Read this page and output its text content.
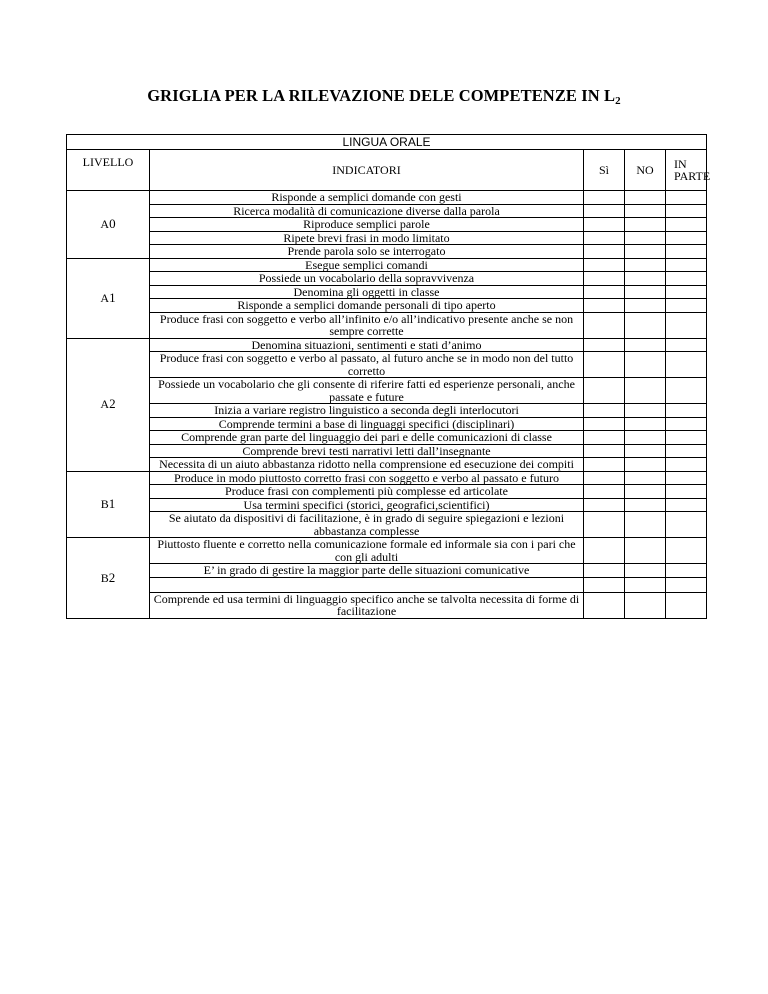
GRIGLIA PER LA RILEVAZIONE DELE COMPETENZE IN $L_2$
LINGUA ORALE				
LIVELLO	INDICATORI	Sì	NO	IN
PARTE
A0	Risponde a semplici domande con gesti			
	Ricerca modalità di comunicazione diverse dalla parola			
	Riproduce semplici parole			
	Ripete brevi frasi in modo limitato			
	Prende parola solo se interrogato			
A1	Esegue semplici comandi			
	Possiede un vocabolario della sopravvivenza			
	Denomina gli oggetti in classe			
	Risponde a semplici domande personali di tipo aperto			
	Produce frasi con soggetto e verbo all’infinito e/o all’indicativo presente anche se non sempre corrette			
A2	Denomina situazioni, sentimenti e stati d’animo			
	Produce frasi con soggetto e verbo al passato, al futuro anche se in modo non del tutto corretto			
	Possiede un vocabolario che gli consente di riferire fatti ed esperienze personali, anche passate e future			
	Inizia a variare registro linguistico a seconda degli interlocutori			
	Comprende termini a base di linguaggi specifici (disciplinari)			
	Comprende gran parte del linguaggio dei pari e delle comunicazioni di classe			
	Comprende brevi testi narrativi letti dall’insegnante			
	Necessita di un aiuto abbastanza ridotto nella comprensione ed esecuzione dei compiti			
B1	Produce in modo piuttosto corretto frasi con soggetto e verbo al passato e futuro			
	Produce frasi con complementi più complesse ed articolate			
	Usa termini specifici (storici, geografici,scientifici)			
	Se aiutato da dispositivi di facilitazione, è in grado di seguire spiegazioni e lezioni abbastanza complesse			
B2	Piuttosto fluente e corretto nella comunicazione formale ed informale sia con i pari che con gli adulti			
	E’ in grado di gestire la maggior parte delle situazioni comunicative			

	Comprende ed usa termini di linguaggio specifico anche se talvolta necessita di forme di facilitazione			
